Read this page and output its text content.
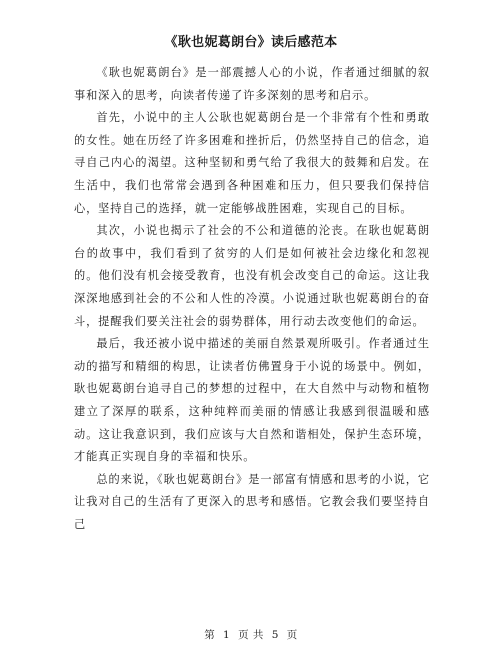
《耿也妮葛朗台》读后感范本

《耿也妮葛朗台》是一部震撼人心的小说，作者通过细腻的叙事和深入的思考，向读者传递了许多深刻的思考和启示。

首先，小说中的主人公耿也妮葛朗台是一个非常有个性和勇敢的女性。她在历经了许多困难和挫折后，仍然坚持自己的信念，追寻自己内心的渴望。这种坚韧和勇气给了我很大的鼓舞和启发。在生活中，我们也常常会遇到各种困难和压力，但只要我们保持信心，坚持自己的选择，就一定能够战胜困难，实现自己的目标。

其次，小说也揭示了社会的不公和道德的沦丧。在耿也妮葛朗台的故事中，我们看到了贫穷的人们是如何被社会边缘化和忽视的。他们没有机会接受教育，也没有机会改变自己的命运。这让我深深地感到社会的不公和人性的冷漠。小说通过耿也妮葛朗台的奋斗，提醒我们要关注社会的弱势群体，用行动去改变他们的命运。

最后，我还被小说中描述的美丽自然景观所吸引。作者通过生动的描写和精细的构思，让读者仿佛置身于小说的场景中。例如，耿也妮葛朗台追寻自己的梦想的过程中，在大自然中与动物和植物建立了深厚的联系，这种纯粹而美丽的情感让我感到很温暖和感动。这让我意识到，我们应该与大自然和谐相处，保护生态环境，才能真正实现自身的幸福和快乐。

总的来说，《耿也妮葛朗台》是一部富有情感和思考的小说，它让我对自己的生活有了更深入的思考和感悟。它教会我们要坚持自己

第 1 页 共 5 页
